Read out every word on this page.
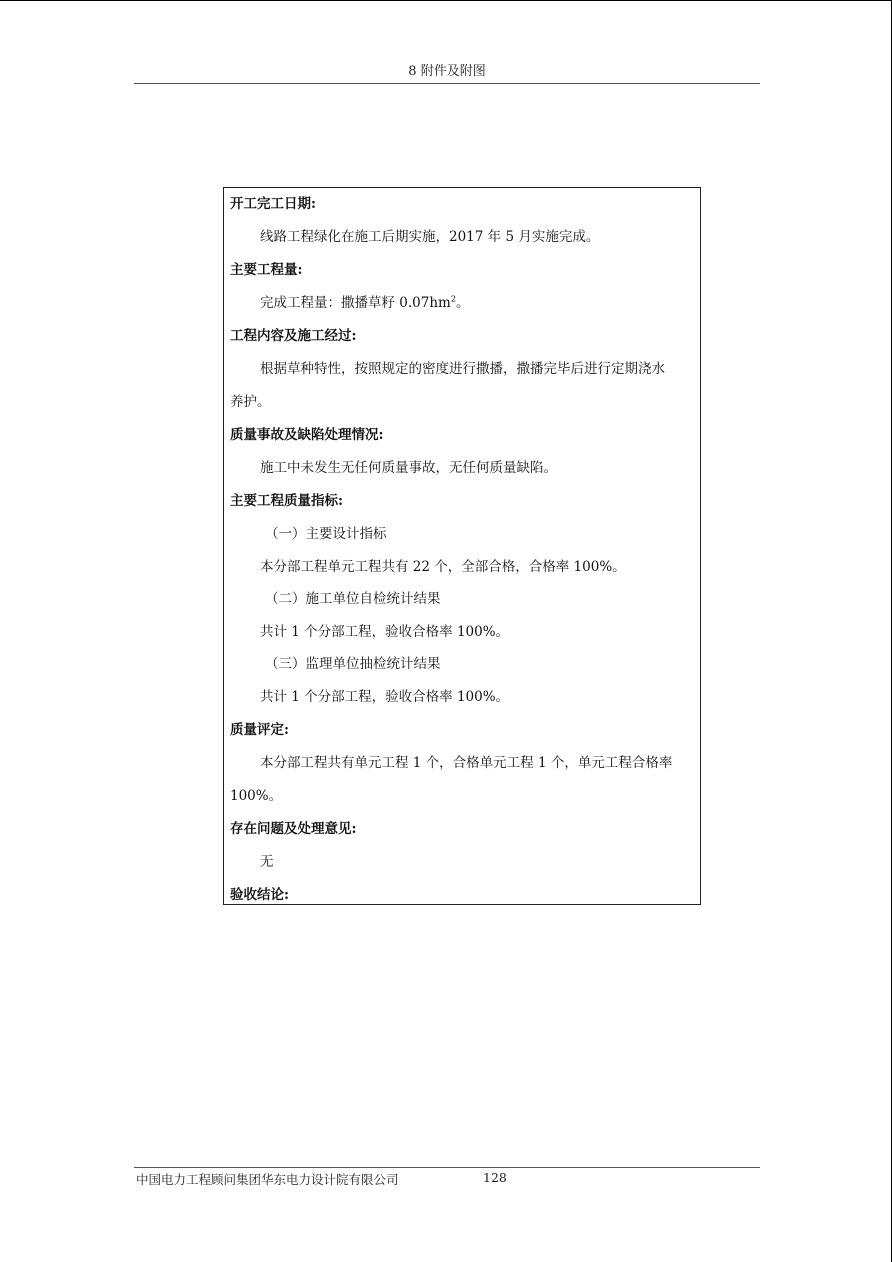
8 附件及附图
开工完工日期:
线路工程绿化在施工后期实施，2017 年 5 月实施完成。
主要工程量:
完成工程量：撒播草籽 $0.07hm^2$。
工程内容及施工经过:
根据草种特性，按照规定的密度进行撒播，撒播完毕后进行定期浇水
养护。
质量事故及缺陷处理情况:
施工中未发生无任何质量事故，无任何质量缺陷。
主要工程质量指标:
（一）主要设计指标
本分部工程单元工程共有 22 个，全部合格，合格率 100%。
（二）施工单位自检统计结果
共计 1 个分部工程，验收合格率 100%。
（三）监理单位抽检统计结果
共计 1 个分部工程，验收合格率 100%。
质量评定:
本分部工程共有单元工程 1 个，合格单元工程 1 个，单元工程合格率
100%。
存在问题及处理意见:
无
验收结论:
中国电力工程顾问集团华东电力设计院有限公司	128
